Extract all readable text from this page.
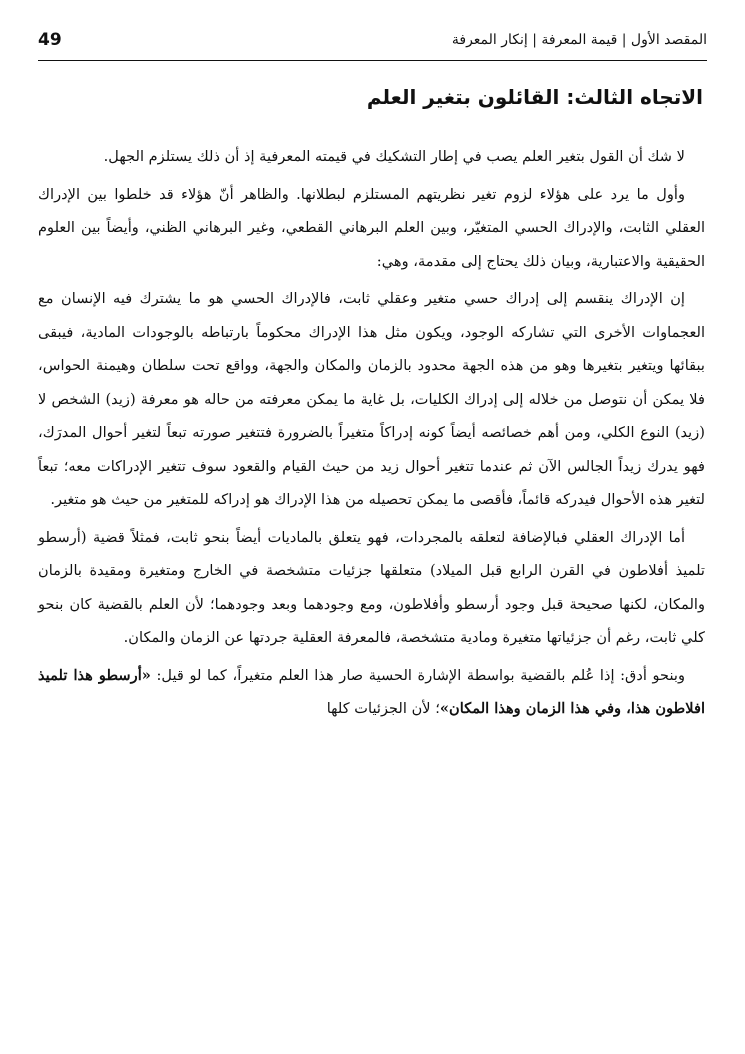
49	المقصد الأول | قيمة المعرفة | إنكار المعرفة
الاتجاه الثالث: القائلون بتغير العلم

لا شك أن القول بتغير العلم يصب في إطار التشكيك في قيمته المعرفية إذ أن ذلك يستلزم الجهل.

وأول ما يرد على هؤلاء لزوم تغير نظريتهم المستلزم لبطلانها. والظاهر أنّ هؤلاء قد خلطوا بين الإدراك العقلي الثابت، والإدراك الحسي المتغيّر، وبين العلم البرهاني القطعي، وغير البرهاني الظني، وأيضاً بين العلوم الحقيقية والاعتبارية، وبيان ذلك يحتاج إلى مقدمة، وهي:

إن الإدراك ينقسم إلى إدراك حسي متغير وعقلي ثابت، فالإدراك الحسي هو ما يشترك فيه الإنسان مع العجماوات الأخرى التي تشاركه الوجود، ويكون مثل هذا الإدراك محكوماً بارتباطه بالوجودات المادية، فيبقى ببقائها ويتغير بتغيرها وهو من هذه الجهة محدود بالزمان والمكان والجهة، وواقع تحت سلطان وهيمنة الحواس، فلا يمكن أن نتوصل من خلاله إلى إدراك الكليات، بل غاية ما يمكن معرفته من حاله هو معرفة (زيد) الشخص لا (زيد) النوع الكلي، ومن أهم خصائصه أيضاً كونه إدراكاً متغيراً بالضرورة فتتغير صورته تبعاً لتغير أحوال المدرَك، فهو يدرك زيداً الجالس الآن ثم عندما تتغير أحوال زيد من حيث القيام والقعود سوف تتغير الإدراكات معه؛ تبعاً لتغير هذه الأحوال فيدركه قائماً، فأقصى ما يمكن تحصيله من هذا الإدراك هو إدراكه للمتغير من حيث هو متغير.

أما الإدراك العقلي فبالإضافة لتعلقه بالمجردات، فهو يتعلق بالماديات أيضاً بنحو ثابت، فمثلاً قضية (أرسطو تلميذ أفلاطون في القرن الرابع قبل الميلاد) متعلقها جزئيات متشخصة في الخارج ومتغيرة ومقيدة بالزمان والمكان، لكنها صحيحة قبل وجود أرسطو وأفلاطون، ومع وجودهما وبعد وجودهما؛ لأن العلم بالقضية كان بنحو كلي ثابت، رغم أن جزئياتها متغيرة ومادية متشخصة، فالمعرفة العقلية جردتها عن الزمان والمكان.

وبنحو أدق: إذا عُلم بالقضية بواسطة الإشارة الحسية صار هذا العلم متغيراً، كما لو قيل: «أرسطو هذا تلميذ افلاطون هذا، وفي هذا الزمان وهذا المكان»؛ لأن الجزئيات كلها
